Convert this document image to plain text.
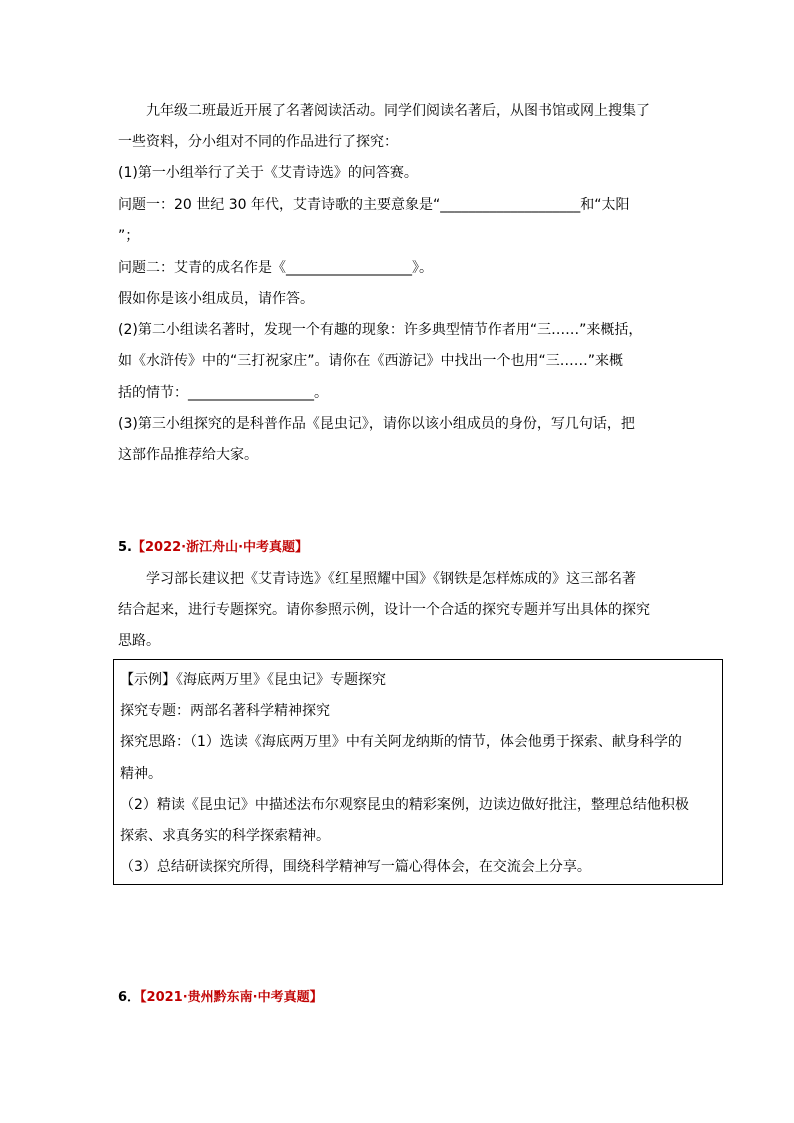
九年级二班最近开展了名著阅读活动。同学们阅读名著后，从图书馆或网上搜集了
一些资料，分小组对不同的作品进行了探究：
(1)第一小组举行了关于《艾青诗选》的问答赛。
问题一：20 世纪 30 年代，艾青诗歌的主要意象是“____________________和“太阳
”；
问题二：艾青的成名作是《__________________》。
假如你是该小组成员，请作答。
(2)第二小组读名著时，发现一个有趣的现象：许多典型情节作者用“三……”来概括，
如《水浒传》中的“三打祝家庄”。请你在《西游记》中找出一个也用“三……”来概
括的情节：__________________。
(3)第三小组探究的是科普作品《昆虫记》，请你以该小组成员的身份，写几句话，把
这部作品推荐给大家。
5.【2022·浙江舟山·中考真题】
学习部长建议把《艾青诗选》《红星照耀中国》《钢铁是怎样炼成的》这三部名著
结合起来，进行专题探究。请你参照示例，设计一个合适的探究专题并写出具体的探究
思路。
【示例】《海底两万里》《昆虫记》专题探究
探究专题：两部名著科学精神探究
探究思路：（1）选读《海底两万里》中有关阿龙纳斯的情节，体会他勇于探索、献身科学的
精神。
（2）精读《昆虫记》中描述法布尔观察昆虫的精彩案例，边读边做好批注，整理总结他积极
探索、求真务实的科学探索精神。
（3）总结研读探究所得，围绕科学精神写一篇心得体会，在交流会上分享。
6．【2021·贵州黔东南·中考真题】
